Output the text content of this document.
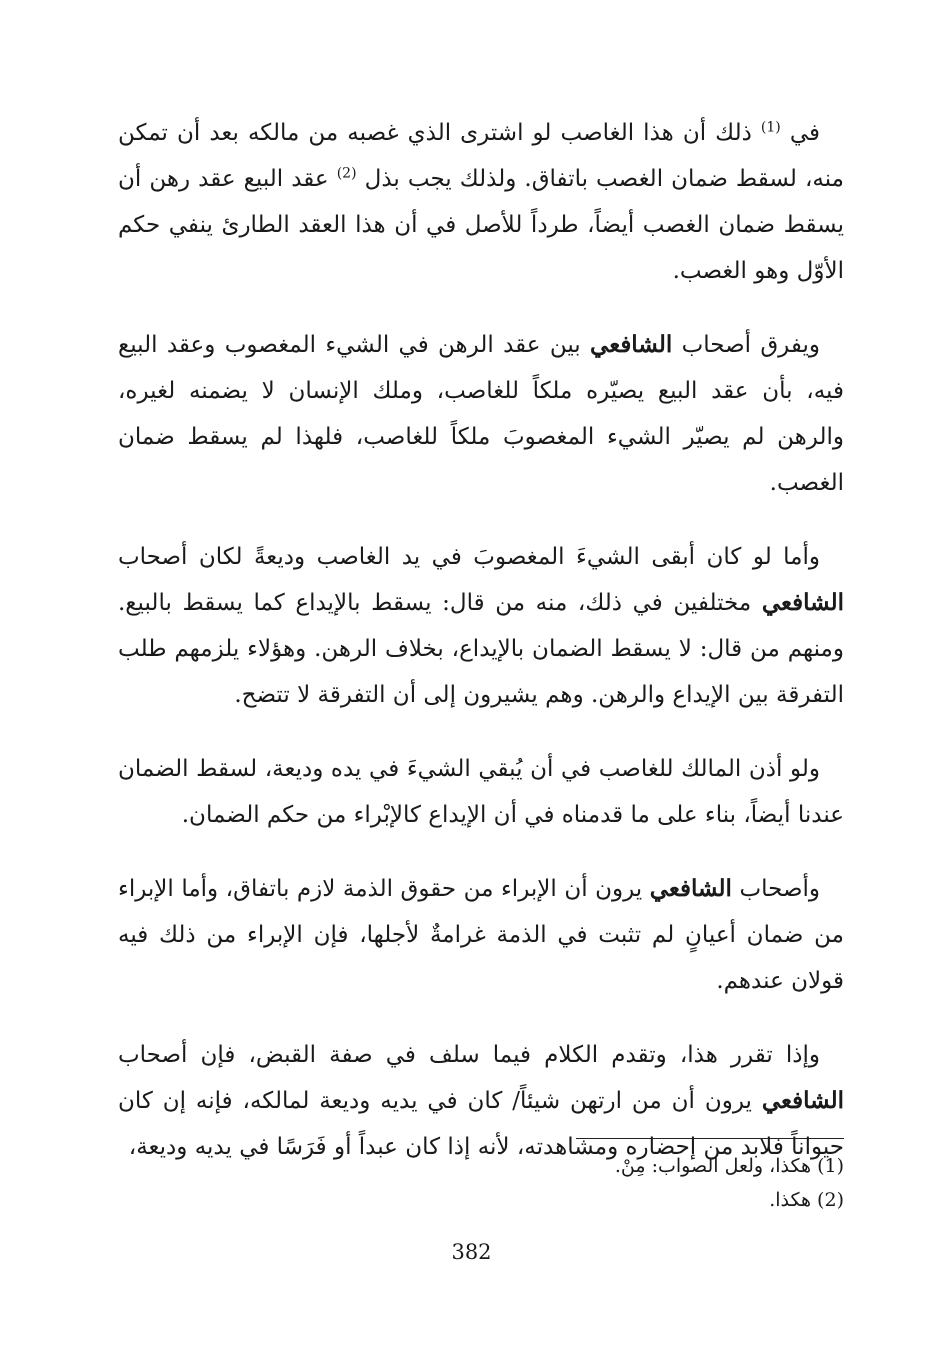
في $^{(1)}$ ذلك أن هذا الغاصب لو اشترى الذي غصبه من مالكه بعد أن تمكن منه، لسقط ضمان الغصب باتفاق. ولذلك يجب بذل $^{(2)}$ عقد البيع عقد رهن أن يسقط ضمان الغصب أيضاً، طرداً للأصل في أن هذا العقد الطارئ ينفي حكم الأوّل وهو الغصب.

ويفرق أصحاب الشافعي بين عقد الرهن في الشيء المغصوب وعقد البيع فيه، بأن عقد البيع يصيّره ملكاً للغاصب، وملك الإنسان لا يضمنه لغيره، والرهن لم يصيّر الشيء المغصوبَ ملكاً للغاصب، فلهذا لم يسقط ضمان الغصب.

وأما لو كان أبقى الشيءَ المغصوبَ في يد الغاصب وديعةً لكان أصحاب الشافعي مختلفين في ذلك، منه من قال: يسقط بالإيداع كما يسقط بالبيع. ومنهم من قال: لا يسقط الضمان بالإيداع، بخلاف الرهن. وهؤلاء يلزمهم طلب التفرقة بين الإيداع والرهن. وهم يشيرون إلى أن التفرقة لا تتضح.

ولو أذن المالك للغاصب في أن يُبقي الشيءَ في يده وديعة، لسقط الضمان عندنا أيضاً، بناء على ما قدمناه في أن الإيداع كالإبْراء من حكم الضمان.

وأصحاب الشافعي يرون أن الإبراء من حقوق الذمة لازم باتفاق، وأما الإبراء من ضمان أعيانٍ لم تثبت في الذمة غرامةٌ لأجلها، فإن الإبراء من ذلك فيه قولان عندهم.

وإذا تقرر هذا، وتقدم الكلام فيما سلف في صفة القبض، فإن أصحاب الشافعي يرون أن من ارتهن شيئاً/ كان في يديه وديعة لمالكه، فإنه إن كان حيواناً فلابد من إحضاره ومشاهدته، لأنه إذا كان عبداً أو فَرَسًا في يديه وديعة،

(1) هكذا، ولعل الصواب: مِنْ.
(2) هكذا.
382
